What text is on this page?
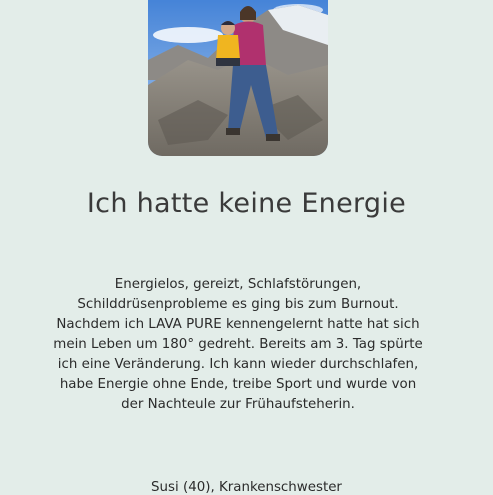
Ich hatte keine Energie

Energielos, gereizt, Schlafstörungen, Schilddrüsenprobleme es ging bis zum Burnout. Nachdem ich LAVA PURE kennengelernt hatte hat sich mein Leben um 180° gedreht. Bereits am 3. Tag spürte ich eine Veränderung. Ich kann wieder durchschlafen, habe Energie ohne Ende, treibe Sport und wurde von der Nachteule zur Frühaufsteherin.

Susi (40), Krankenschwester
